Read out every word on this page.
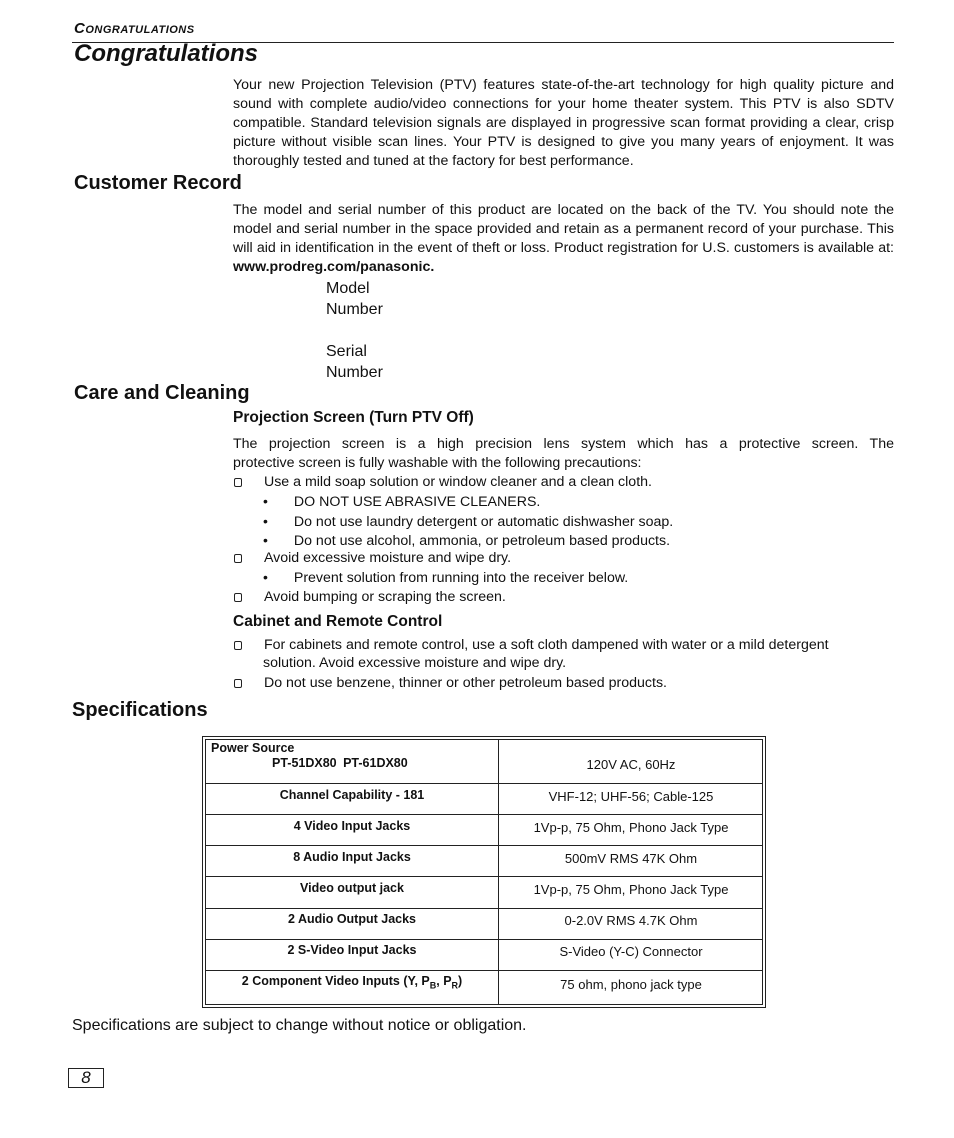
Congratulations
Congratulations
Your new Projection Television (PTV) features state-of-the-art technology for high quality picture and sound with complete audio/video connections for your home theater system. This PTV is also SDTV compatible. Standard television signals are displayed in progressive scan format providing a clear, crisp picture without visible scan lines. Your PTV is designed to give you many years of enjoyment. It was thoroughly tested and tuned at the factory for best performance.
Customer Record
The model and serial number of this product are located on the back of the TV. You should note the model and serial number in the space provided and retain as a permanent record of your purchase. This will aid in identification in the event of theft or loss. Product registration for U.S. customers is available at: www.prodreg.com/panasonic.
Model
Number
Serial
Number
Care and Cleaning
Projection Screen (Turn PTV Off)
The projection screen is a high precision lens system which has a protective screen. The
protective screen is fully washable with the following precautions:
Use a mild soap solution or window cleaner and a clean cloth.
• DO NOT USE ABRASIVE CLEANERS.
• Do not use laundry detergent or automatic dishwasher soap.
• Do not use alcohol, ammonia, or petroleum based products.
Avoid excessive moisture and wipe dry.
• Prevent solution from running into the receiver below.
Avoid bumping or scraping the screen.
Cabinet and Remote Control
For cabinets and remote control, use a soft cloth dampened with water or a mild detergent
solution. Avoid excessive moisture and wipe dry.
Do not use benzene, thinner or other petroleum based products.
Specifications
Power Source
PT-51DX80 PT-61DX80	120V AC, 60Hz
Channel Capability - 181	VHF-12; UHF-56; Cable-125
4 Video Input Jacks	1Vp-p, 75 Ohm, Phono Jack Type
8 Audio Input Jacks	500mV RMS 47K Ohm
Video output jack	1Vp-p, 75 Ohm, Phono Jack Type
2 Audio Output Jacks	0-2.0V RMS 4.7K Ohm
2 S-Video Input Jacks	S-Video (Y-C) Connector
2 Component Video Inputs (Y, $P_B$, $P_R$)	75 ohm, phono jack type
Specifications are subject to change without notice or obligation.
8
